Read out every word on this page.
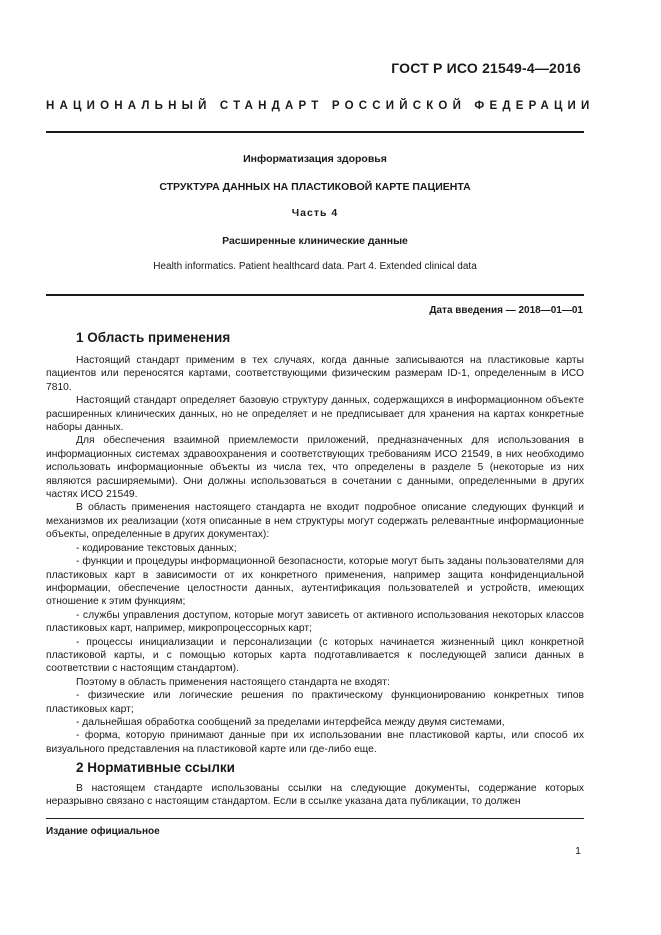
ГОСТ Р ИСО 21549-4—2016
НАЦИОНАЛЬНЫЙ СТАНДАРТ РОССИЙСКОЙ ФЕДЕРАЦИИ
Информатизация здоровья
СТРУКТУРА ДАННЫХ НА ПЛАСТИКОВОЙ КАРТЕ ПАЦИЕНТА
Часть 4
Расширенные клинические данные
Health informatics. Patient healthcard data. Part 4. Extended clinical data
Дата введения — 2018—01—01
1 Область применения

Настоящий стандарт применим в тех случаях, когда данные записываются на пластиковые карты пациентов или переносятся картами, соответствующими физическим размерам ID-1, определенным в ИСО 7810.

Настоящий стандарт определяет базовую структуру данных, содержащихся в информационном объекте расширенных клинических данных, но не определяет и не предписывает для хранения на картах конкретные наборы данных.

Для обеспечения взаимной приемлемости приложений, предназначенных для использования в информационных системах здравоохранения и соответствующих требованиям ИСО 21549, в них необходимо использовать информационные объекты из числа тех, что определены в разделе 5 (некоторые из них являются расширяемыми). Они должны использоваться в сочетании с данными, определенными в других частях ИСО 21549.

В область применения настоящего стандарта не входит подробное описание следующих функций и механизмов их реализации (хотя описанные в нем структуры могут содержать релевантные информационные объекты, определенные в других документах):

- кодирование текстовых данных;

- функции и процедуры информационной безопасности, которые могут быть заданы пользователями для пластиковых карт в зависимости от их конкретного применения, например защита конфиденциальной информации, обеспечение целостности данных, аутентификация пользователей и устройств, имеющих отношение к этим функциям;

- службы управления доступом, которые могут зависеть от активного использования некоторых классов пластиковых карт, например, микропроцессорных карт;

- процессы инициализации и персонализации (с которых начинается жизненный цикл конкретной пластиковой карты, и с помощью которых карта подготавливается к последующей записи данных в соответствии с настоящим стандартом).

Поэтому в область применения настоящего стандарта не входят:

- физические или логические решения по практическому функционированию конкретных типов пластиковых карт;

- дальнейшая обработка сообщений за пределами интерфейса между двумя системами,

- форма, которую принимают данные при их использовании вне пластиковой карты, или способ их визуального представления на пластиковой карте или где-либо еще.

2 Нормативные ссылки

В настоящем стандарте использованы ссылки на следующие документы, содержание которых неразрывно связано с настоящим стандартом. Если в ссылке указана дата публикации, то должен

Издание официальное
1
